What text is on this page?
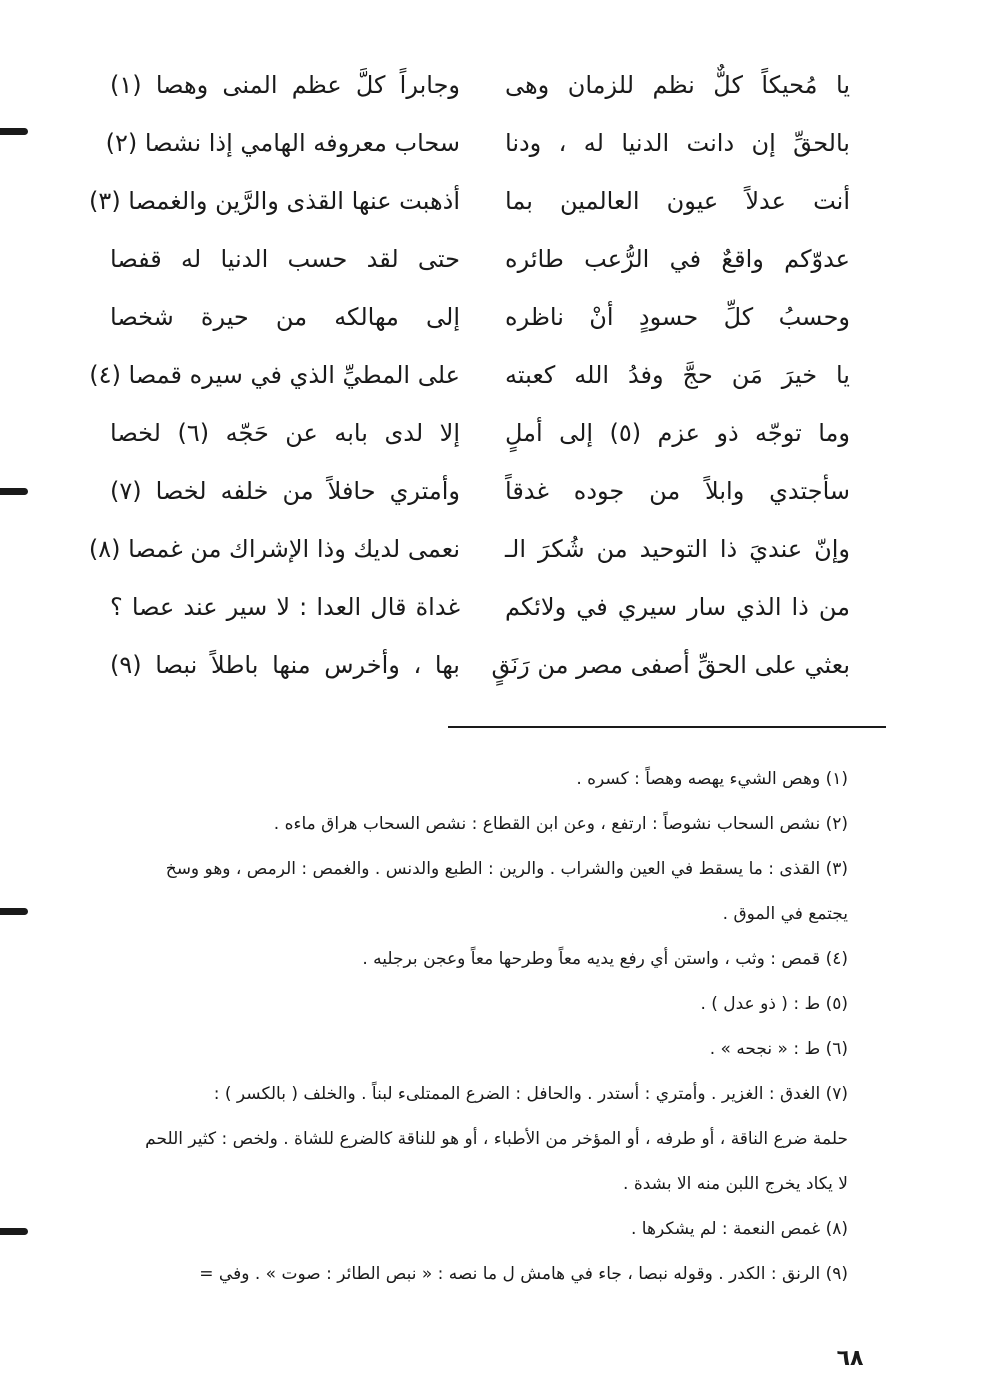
يا مُحيكاً كلٌّ نظم للزمان وهى
وجابراً كلَّ عظم المنى وهصا (١)
بالحقِّ إن دانت الدنيا له ، ودنا
سحاب معروفه الهامي إذا نشصا (٢)
أنت عدلاً عيون العالمين بما
أذهبت عنها القذى والرَّين والغمصا (٣)
عدوّكم واقعٌ في الرُّعب طائره
حتى لقد حسب الدنيا له قفصا
وحسبُ كلِّ حسودٍ أنْ ناظره
إلى مهالكه من حيرة شخصا
يا خيرَ مَن حجَّ وفدُ الله كعبته
على المطيِّ الذي في سيره قمصا (٤)
وما توجّه ذو عزم (٥) إلى أملٍ
إلا لدى بابه عن حَجّه (٦) لخصا
سأجتدي وابلاً من جوده غدقاً
وأمتري حافلاً من خلفه لخصا (٧)
وإنّ عنديَ ذا التوحيد من شُكرَ الـ
نعمى لديك وذا الإشراك من غمصا (٨)
من ذا الذي سار سيري في ولائكم
غداة قال العدا : لا سير عند عصا ؟
بعثي على الحقِّ أصفى مصر من رَنَقٍ
بها ، وأخرس منها باطلاً نبصا (٩)
(١) وهص الشيء يهصه وهصاً : كسره .
(٢) نشص السحاب نشوصاً : ارتفع ، وعن ابن القطاع : نشص السحاب هراق ماءه .
(٣) القذى : ما يسقط في العين والشراب . والرين : الطبع والدنس . والغمص : الرمص ، وهو وسخ
يجتمع في الموق .
(٤) قمص : وثب ، واستن أي رفع يديه معاً وطرحها معاً وعجن برجليه .
(٥) ط : ( ذو عدل ) .
(٦) ط : « نجحه » .
(٧) الغدق : الغزير . وأمتري : أستدر . والحافل : الضرع الممتلىء لبناً . والخلف ( بالكسر ) :
حلمة ضرع الناقة ، أو طرفه ، أو المؤخر من الأطباء ، أو هو للناقة كالضرع للشاة . ولخص : كثير اللحم
لا يكاد يخرج اللبن منه الا بشدة .
(٨) غمص النعمة : لم يشكرها .
(٩) الرنق : الكدر . وقوله نبصا ، جاء في هامش ل ما نصه : « نبص الطائر : صوت » . وفي =
٦٨
